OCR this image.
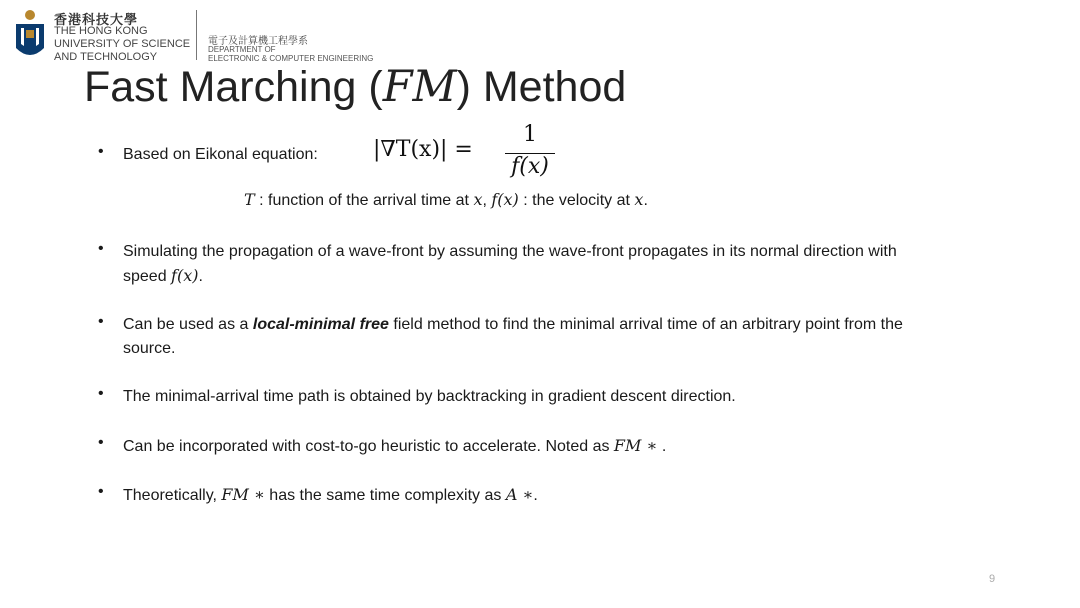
香港科技大學
THE HONG KONG
UNIVERSITY OF SCIENCE
AND TECHNOLOGY
電子及計算機工程學系
DEPARTMENT OF
ELECTRONIC & COMPUTER ENGINEERING
Fast Marching (FM) Method
|∇T(x)| =
1
f(x)
• Based on Eikonal equation:
• Simulating the propagation of a wave-front by assuming the wave-front propagates in its normal direction with speed f(x).
• Can be used as a local-minimal free field method to find the minimal arrival time of an arbitrary point from the source.
• The minimal-arrival time path is obtained by backtracking in gradient descent direction.
• Can be incorporated with cost-to-go heuristic to accelerate. Noted as FM ∗ .
• Theoretically, FM ∗ has the same time complexity as A ∗.
T : function of the arrival time at x, f(x) : the velocity at x.
9
